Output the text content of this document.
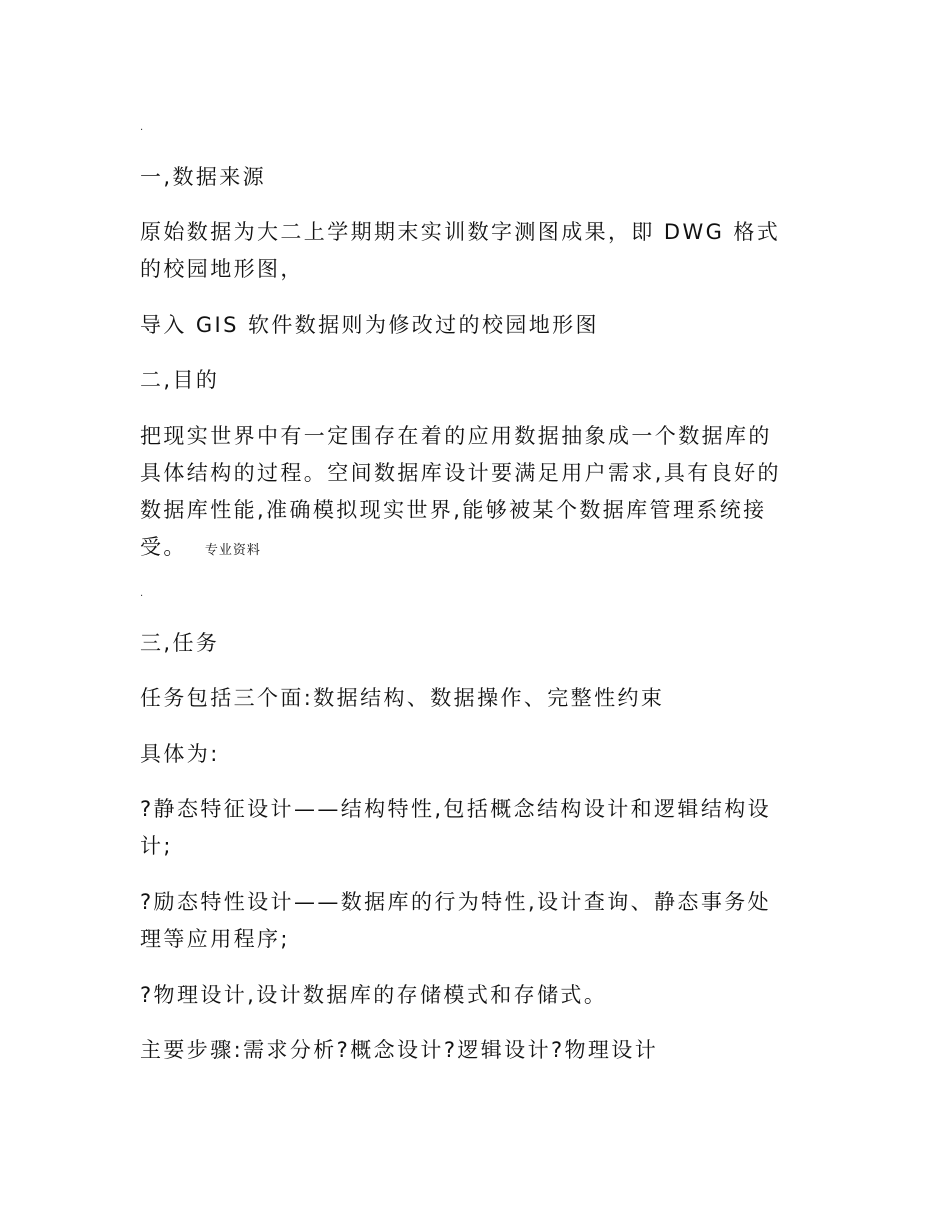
.
一,数据来源
原始数据为大二上学期期末实训数字测图成果，即 DWG 格式
的校园地形图，
导入 GIS 软件数据则为修改过的校园地形图
二,目的
把现实世界中有一定围存在着的应用数据抽象成一个数据库的
具体结构的过程。空间数据库设计要满足用户需求,具有良好的
数据库性能,准确模拟现实世界,能够被某个数据库管理系统接
受。 专业资料
.
三,任务
任务包括三个面:数据结构、数据操作、完整性约束
具体为:
?静态特征设计——结构特性,包括概念结构设计和逻辑结构设
计;
?励态特性设计——数据库的行为特性,设计查询、静态事务处
理等应用程序;
?物理设计,设计数据库的存储模式和存储式。
主要步骤:需求分析?概念设计?逻辑设计?物理设计
